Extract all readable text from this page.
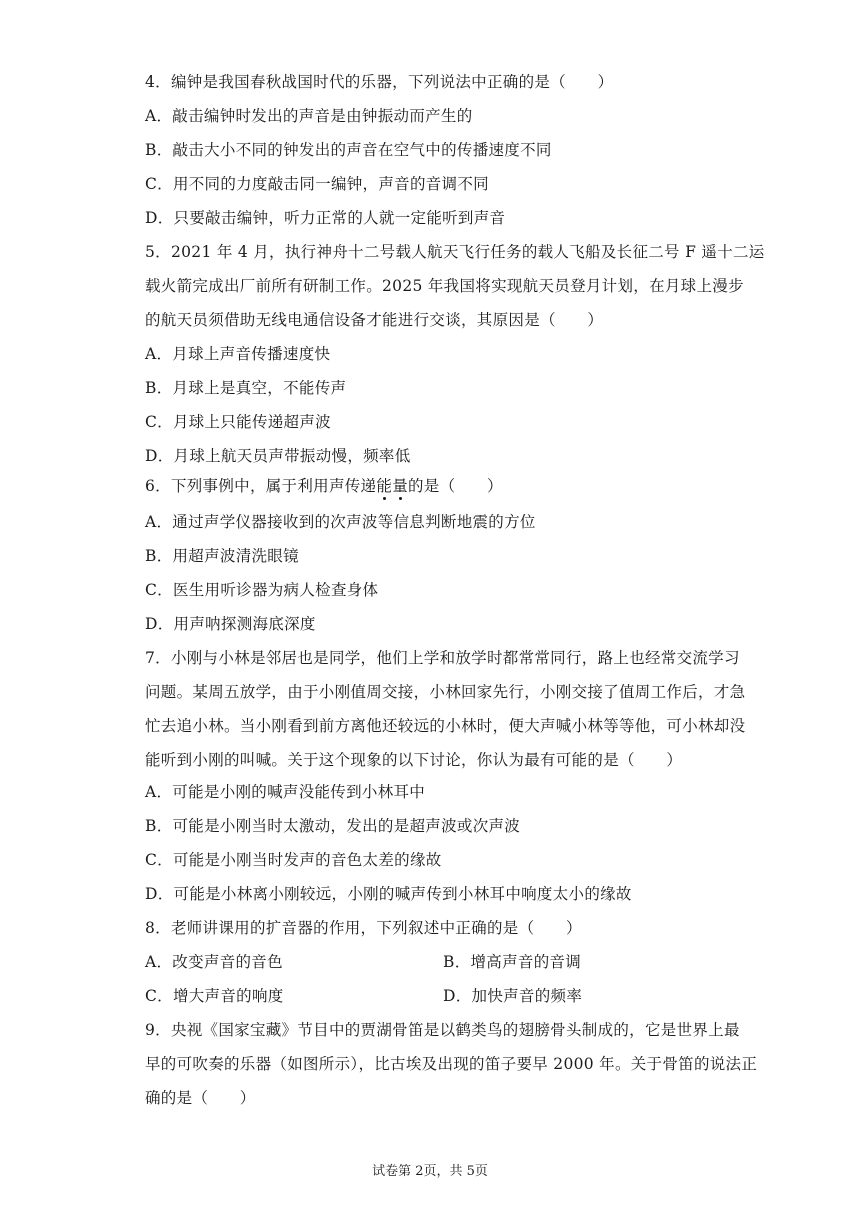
4．编钟是我国春秋战国时代的乐器，下列说法中正确的是（　　）
A．敲击编钟时发出的声音是由钟振动而产生的
B．敲击大小不同的钟发出的声音在空气中的传播速度不同
C．用不同的力度敲击同一编钟，声音的音调不同
D．只要敲击编钟，听力正常的人就一定能听到声音
5．2021 年 4 月，执行神舟十二号载人航天飞行任务的载人飞船及长征二号 F 遥十二运
载火箭完成出厂前所有研制工作。2025 年我国将实现航天员登月计划，在月球上漫步
的航天员须借助无线电通信设备才能进行交谈，其原因是（　　）
A．月球上声音传播速度快
B．月球上是真空，不能传声
C．月球上只能传递超声波
D．月球上航天员声带振动慢，频率低
6．下列事例中，属于利用声传递能量的是（　　）
A．通过声学仪器接收到的次声波等信息判断地震的方位
B．用超声波清洗眼镜
C．医生用听诊器为病人检查身体
D．用声呐探测海底深度
7．小刚与小林是邻居也是同学，他们上学和放学时都常常同行，路上也经常交流学习
问题。某周五放学，由于小刚值周交接，小林回家先行，小刚交接了值周工作后，才急
忙去追小林。当小刚看到前方离他还较远的小林时，便大声喊小林等等他，可小林却没
能听到小刚的叫喊。关于这个现象的以下讨论，你认为最有可能的是（　　）
A．可能是小刚的喊声没能传到小林耳中
B．可能是小刚当时太激动，发出的是超声波或次声波
C．可能是小刚当时发声的音色太差的缘故
D．可能是小林离小刚较远，小刚的喊声传到小林耳中响度太小的缘故
8．老师讲课用的扩音器的作用，下列叙述中正确的是（　　）
A．改变声音的音色	B．增高声音的音调
C．增大声音的响度	D．加快声音的频率
9．央视《国家宝藏》节目中的贾湖骨笛是以鹤类鸟的翅膀骨头制成的，它是世界上最
早的可吹奏的乐器（如图所示），比古埃及出现的笛子要早 2000 年。关于骨笛的说法正
确的是（　　）
试卷第 2页，共 5页
